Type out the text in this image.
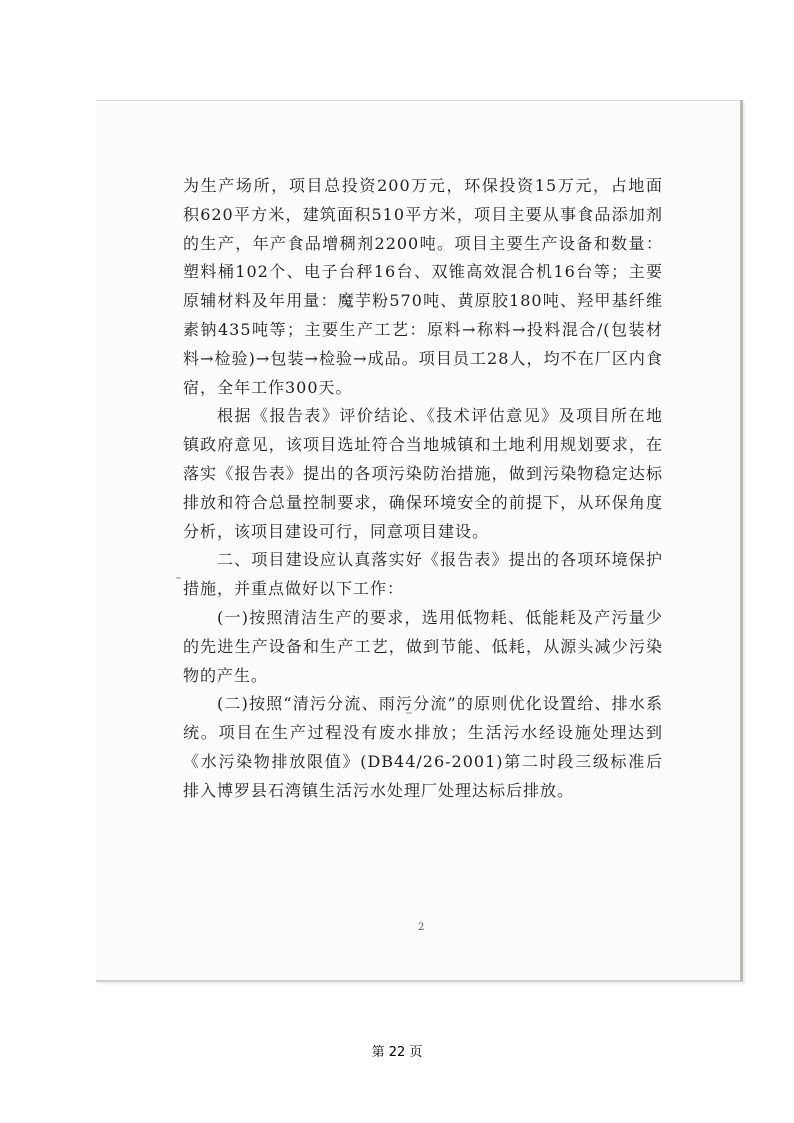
为生产场所，项目总投资200万元，环保投资15万元，占地面积620平方米，建筑面积510平方米，项目主要从事食品添加剂的生产，年产食品增稠剂2200吨。项目主要生产设备和数量：塑料桶102个、电子台秤16台、双锥高效混合机16台等；主要原辅材料及年用量：魔芋粉570吨、黄原胶180吨、羟甲基纤维素钠435吨等；主要生产工艺：原料→称料→投料混合/(包装材料→检验)→包装→检验→成品。项目员工28人，均不在厂区内食宿，全年工作300天。

根据《报告表》评价结论、《技术评估意见》及项目所在地镇政府意见，该项目选址符合当地城镇和土地利用规划要求，在落实《报告表》提出的各项污染防治措施，做到污染物稳定达标排放和符合总量控制要求，确保环境安全的前提下，从环保角度分析，该项目建设可行，同意项目建设。

二、项目建设应认真落实好《报告表》提出的各项环境保护措施，并重点做好以下工作：

(一)按照清洁生产的要求，选用低物耗、低能耗及产污量少的先进生产设备和生产工艺，做到节能、低耗，从源头减少污染物的产生。

(二)按照“清污分流、雨污分流”的原则优化设置给、排水系统。项目在生产过程没有废水排放；生活污水经设施处理达到《水污染物排放限值》(DB44/26-2001)第二时段三级标准后排入博罗县石湾镇生活污水处理厂处理达标后排放。

2
第 22 页
